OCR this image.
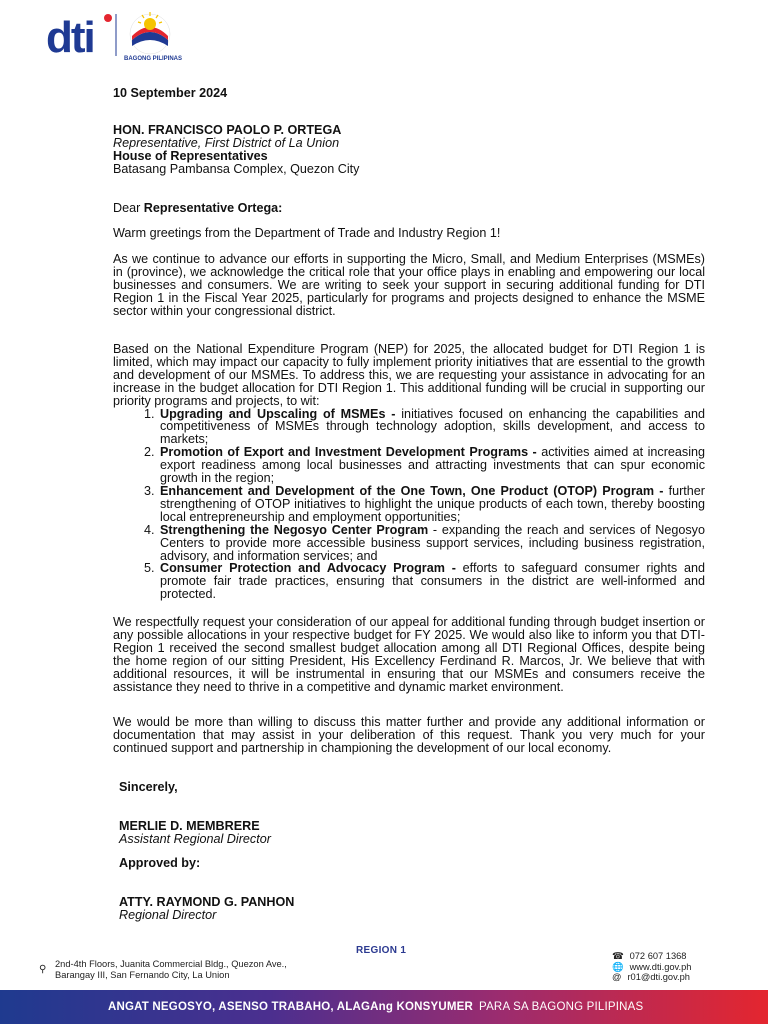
dti	BAGONG PILIPINAS
10 September 2024
HON. FRANCISCO PAOLO P. ORTEGA
Representative, First District of La Union
House of Representatives
Batasang Pambansa Complex, Quezon City
Dear Representative Ortega:
Warm greetings from the Department of Trade and Industry Region 1!

As we continue to advance our efforts in supporting the Micro, Small, and Medium Enterprises (MSMEs) in (province), we acknowledge the critical role that your office plays in enabling and empowering our local businesses and consumers. We are writing to seek your support in securing additional funding for DTI Region 1 in the Fiscal Year 2025, particularly for programs and projects designed to enhance the MSME sector within your congressional district.

Based on the National Expenditure Program (NEP) for 2025, the allocated budget for DTI Region 1 is limited, which may impact our capacity to fully implement priority initiatives that are essential to the growth and development of our MSMEs. To address this, we are requesting your assistance in advocating for an increase in the budget allocation for DTI Region 1. This additional funding will be crucial in supporting our priority programs and projects, to wit:

1. Upgrading and Upscaling of MSMEs - initiatives focused on enhancing the capabilities and competitiveness of MSMEs through technology adoption, skills development, and access to markets;
2. Promotion of Export and Investment Development Programs - activities aimed at increasing export readiness among local businesses and attracting investments that can spur economic growth in the region;
3. Enhancement and Development of the One Town, One Product (OTOP) Program - further strengthening of OTOP initiatives to highlight the unique products of each town, thereby boosting local entrepreneurship and employment opportunities;
4. Strengthening the Negosyo Center Program - expanding the reach and services of Negosyo Centers to provide more accessible business support services, including business registration, advisory, and information services; and
5. Consumer Protection and Advocacy Program - efforts to safeguard consumer rights and promote fair trade practices, ensuring that consumers in the district are well-informed and protected.

We respectfully request your consideration of our appeal for additional funding through budget insertion or any possible allocations in your respective budget for FY 2025. We would also like to inform you that DTI-Region 1 received the second smallest budget allocation among all DTI Regional Offices, despite being the home region of our sitting President, His Excellency Ferdinand R. Marcos, Jr. We believe that with additional resources, it will be instrumental in ensuring that our MSMEs and consumers receive the assistance they need to thrive in a competitive and dynamic market environment.

We would be more than willing to discuss this matter further and provide any additional information or documentation that may assist in your deliberation of this request. Thank you very much for your continued support and partnership in championing the development of our local economy.

Sincerely,
MERLIE D. MEMBRERE
Assistant Regional Director
Approved by:
ATTY. RAYMOND G. PANHON
Regional Director
REGION 1
⚲ 2nd-4th Floors, Juanita Commercial Bldg., Quezon Ave.,
Barangay III, San Fernando City, La Union
☎ 072 607 1368
🌐 www.dti.gov.ph
@ r01@dti.gov.ph
ANGAT NEGOSYO, ASENSO TRABAHO, ALAGAng KONSYUMER PARA SA BAGONG PILIPINAS
